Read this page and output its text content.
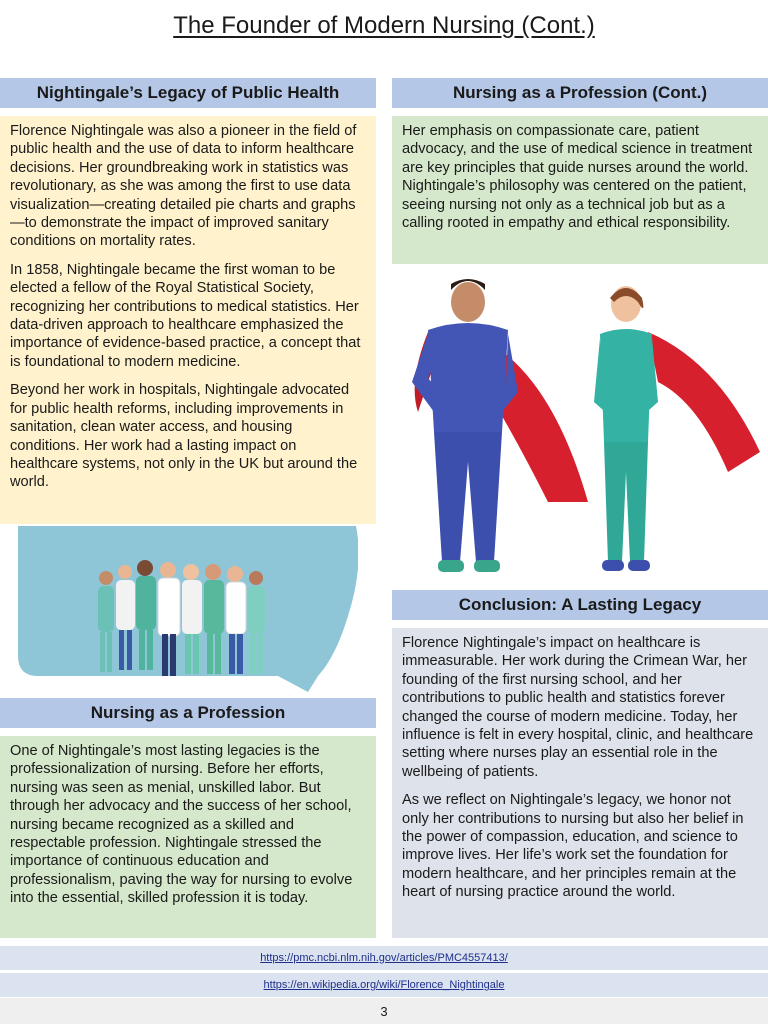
The Founder of Modern Nursing (Cont.)
Nightingale’s Legacy of Public Health

Florence Nightingale was also a pioneer in the field of public health and the use of data to inform healthcare decisions. Her groundbreaking work in statistics was revolutionary, as she was among the first to use data visualization—creating detailed pie charts and graphs—to demonstrate the impact of improved sanitary conditions on mortality rates.

In 1858, Nightingale became the first woman to be elected a fellow of the Royal Statistical Society, recognizing her contributions to medical statistics. Her data-driven approach to healthcare emphasized the importance of evidence-based practice, a concept that is foundational to modern medicine.

Beyond her work in hospitals, Nightingale advocated for public health reforms, including improvements in sanitation, clean water access, and housing conditions. Her work had a lasting impact on healthcare systems, not only in the UK but around the world.

Nursing as a Profession

One of Nightingale’s most lasting legacies is the professionalization of nursing. Before her efforts, nursing was seen as menial, unskilled labor. But through her advocacy and the success of her school, nursing became recognized as a skilled and respectable profession. Nightingale stressed the importance of continuous education and professionalism, paving the way for nursing to evolve into the essential, skilled profession it is today.

Nursing as a Profession (Cont.)

Her emphasis on compassionate care, patient advocacy, and the use of medical science in treatment are key principles that guide nurses around the world. Nightingale’s philosophy was centered on the patient, seeing nursing not only as a technical job but as a calling rooted in empathy and ethical responsibility.

Conclusion: A Lasting Legacy

Florence Nightingale’s impact on healthcare is immeasurable. Her work during the Crimean War, her founding of the first nursing school, and her contributions to public health and statistics forever changed the course of modern medicine. Today, her influence is felt in every hospital, clinic, and healthcare setting where nurses play an essential role in the wellbeing of patients.

As we reflect on Nightingale’s legacy, we honor not only her contributions to nursing but also her belief in the power of compassion, education, and science to improve lives. Her life’s work set the foundation for modern healthcare, and her principles remain at the heart of nursing practice around the world.

https://pmc.ncbi.nlm.nih.gov/articles/PMC4557413/
https://en.wikipedia.org/wiki/Florence_Nightingale
3
